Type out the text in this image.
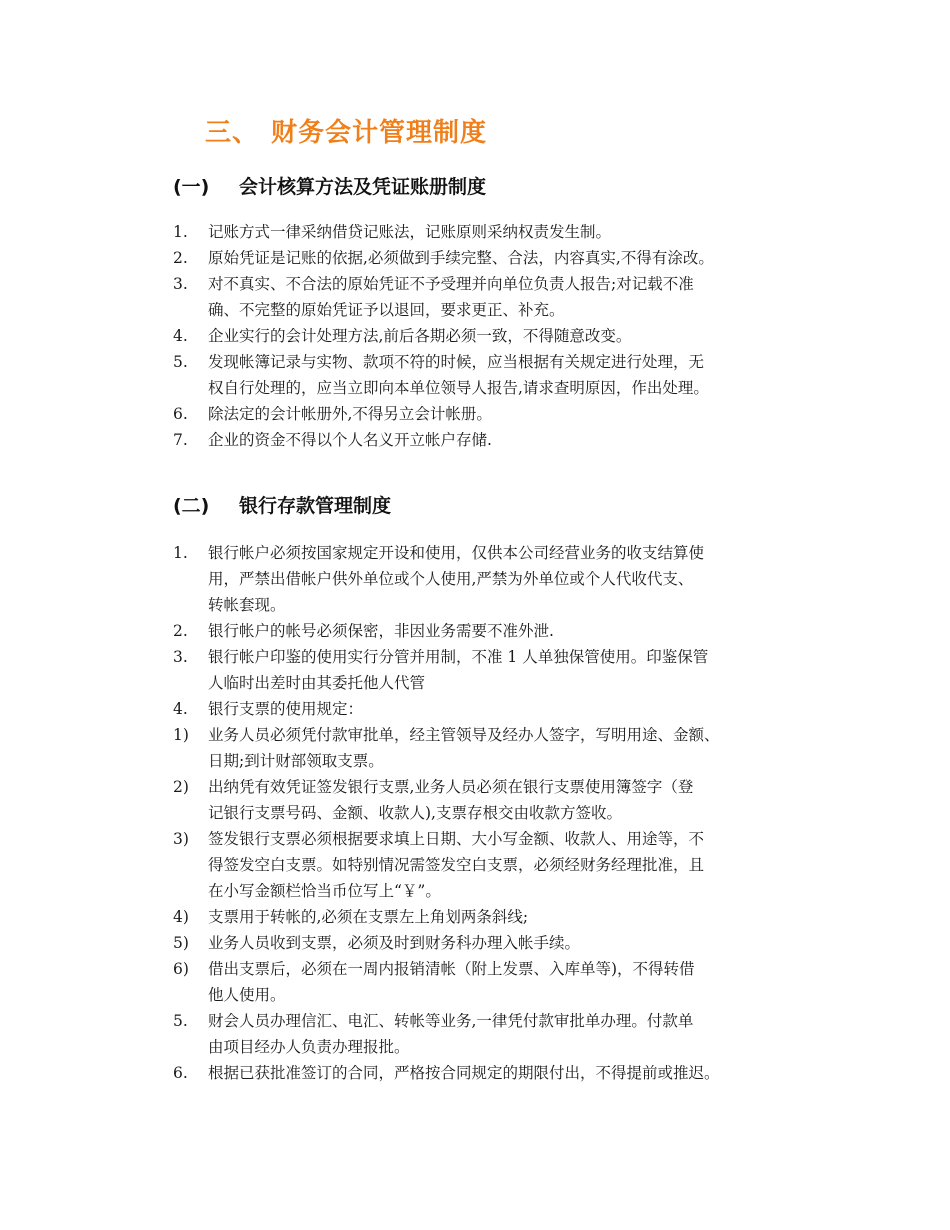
三、 财务会计管理制度
(一) 会计核算方法及凭证账册制度
1.	记账方式一律采纳借贷记账法，记账原则采纳权责发生制。
2.	原始凭证是记账的依据,必须做到手续完整、合法，内容真实,不得有涂改。
3.	对不真实、不合法的原始凭证不予受理并向单位负责人报告;对记载不准
确、不完整的原始凭证予以退回，要求更正、补充。
4.	企业实行的会计处理方法,前后各期必须一致，不得随意改变。
5.	发现帐簿记录与实物、款项不符的时候，应当根据有关规定进行处理，无
权自行处理的，应当立即向本单位领导人报告,请求查明原因，作出处理。
6.	除法定的会计帐册外,不得另立会计帐册。
7.	企业的资金不得以个人名义开立帐户存储.
(二) 银行存款管理制度
1.	银行帐户必须按国家规定开设和使用，仅供本公司经营业务的收支结算使
用，严禁出借帐户供外单位或个人使用,严禁为外单位或个人代收代支、
转帐套现。
2.	银行帐户的帐号必须保密，非因业务需要不准外泄.
3.	银行帐户印鉴的使用实行分管并用制，不准 1 人单独保管使用。印鉴保管
人临时出差时由其委托他人代管
4.	银行支票的使用规定：
1)	业务人员必须凭付款审批单，经主管领导及经办人签字，写明用途、金额、
日期;到计财部领取支票。
2)	出纳凭有效凭证签发银行支票,业务人员必须在银行支票使用簿签字（登
记银行支票号码、金额、收款人),支票存根交由收款方签收。
3)	签发银行支票必须根据要求填上日期、大小写金额、收款人、用途等，不
得签发空白支票。如特别情况需签发空白支票，必须经财务经理批准，且
在小写金额栏恰当币位写上“￥”。
4)	支票用于转帐的,必须在支票左上角划两条斜线;
5)	业务人员收到支票，必须及时到财务科办理入帐手续。
6)	借出支票后，必须在一周内报销清帐（附上发票、入库单等)，不得转借
他人使用。
5.	财会人员办理信汇、电汇、转帐等业务,一律凭付款审批单办理。付款单
由项目经办人负责办理报批。
6.	根据已获批准签订的合同，严格按合同规定的期限付出，不得提前或推迟。
